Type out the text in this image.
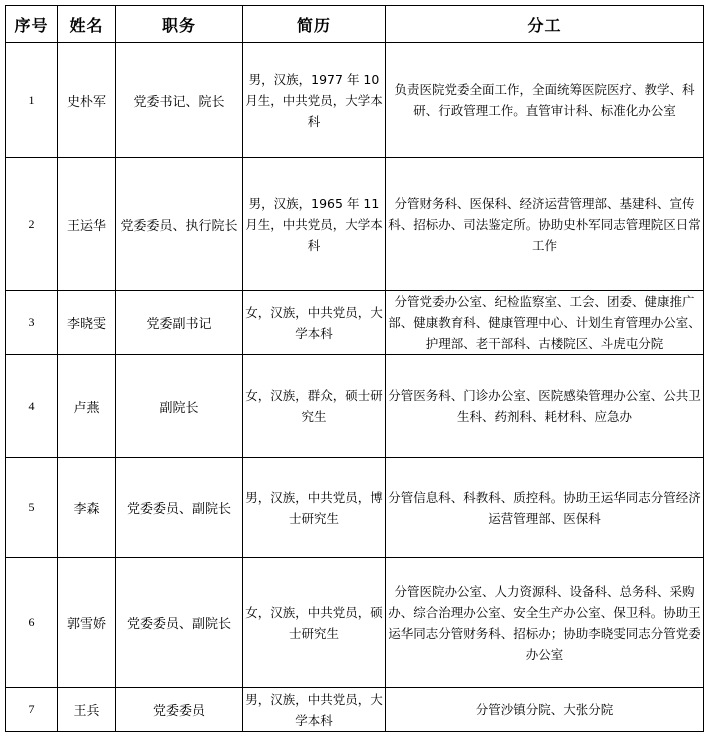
序号	姓名	职务	简历	分工
1	史朴军	党委书记、院长	男，汉族，1977 年 10 月生，中共党员，大学本科	负责医院党委全面工作，全面统筹医院医疗、教学、科研、行政管理工作。直管审计科、标准化办公室
2	王运华	党委委员、执行院长	男，汉族，1965 年 11 月生，中共党员，大学本科	分管财务科、医保科、经济运营管理部、基建科、宣传科、招标办、司法鉴定所。协助史朴军同志管理院区日常工作
3	李晓雯	党委副书记	女，汉族，中共党员，大学本科	分管党委办公室、纪检监察室、工会、团委、健康推广部、健康教育科、健康管理中心、计划生育管理办公室、护理部、老干部科、古楼院区、斗虎屯分院
4	卢燕	副院长	女，汉族，群众，硕士研究生	分管医务科、门诊办公室、医院感染管理办公室、公共卫生科、药剂科、耗材科、应急办
5	李森	党委委员、副院长	男，汉族，中共党员，博士研究生	分管信息科、科教科、质控科。协助王运华同志分管经济运营管理部、医保科
6	郭雪娇	党委委员、副院长	女，汉族，中共党员，硕士研究生	分管医院办公室、人力资源科、设备科、总务科、采购办、综合治理办公室、安全生产办公室、保卫科。协助王运华同志分管财务科、招标办；协助李晓雯同志分管党委办公室
7	王兵	党委委员	男，汉族，中共党员，大学本科	分管沙镇分院、大张分院
